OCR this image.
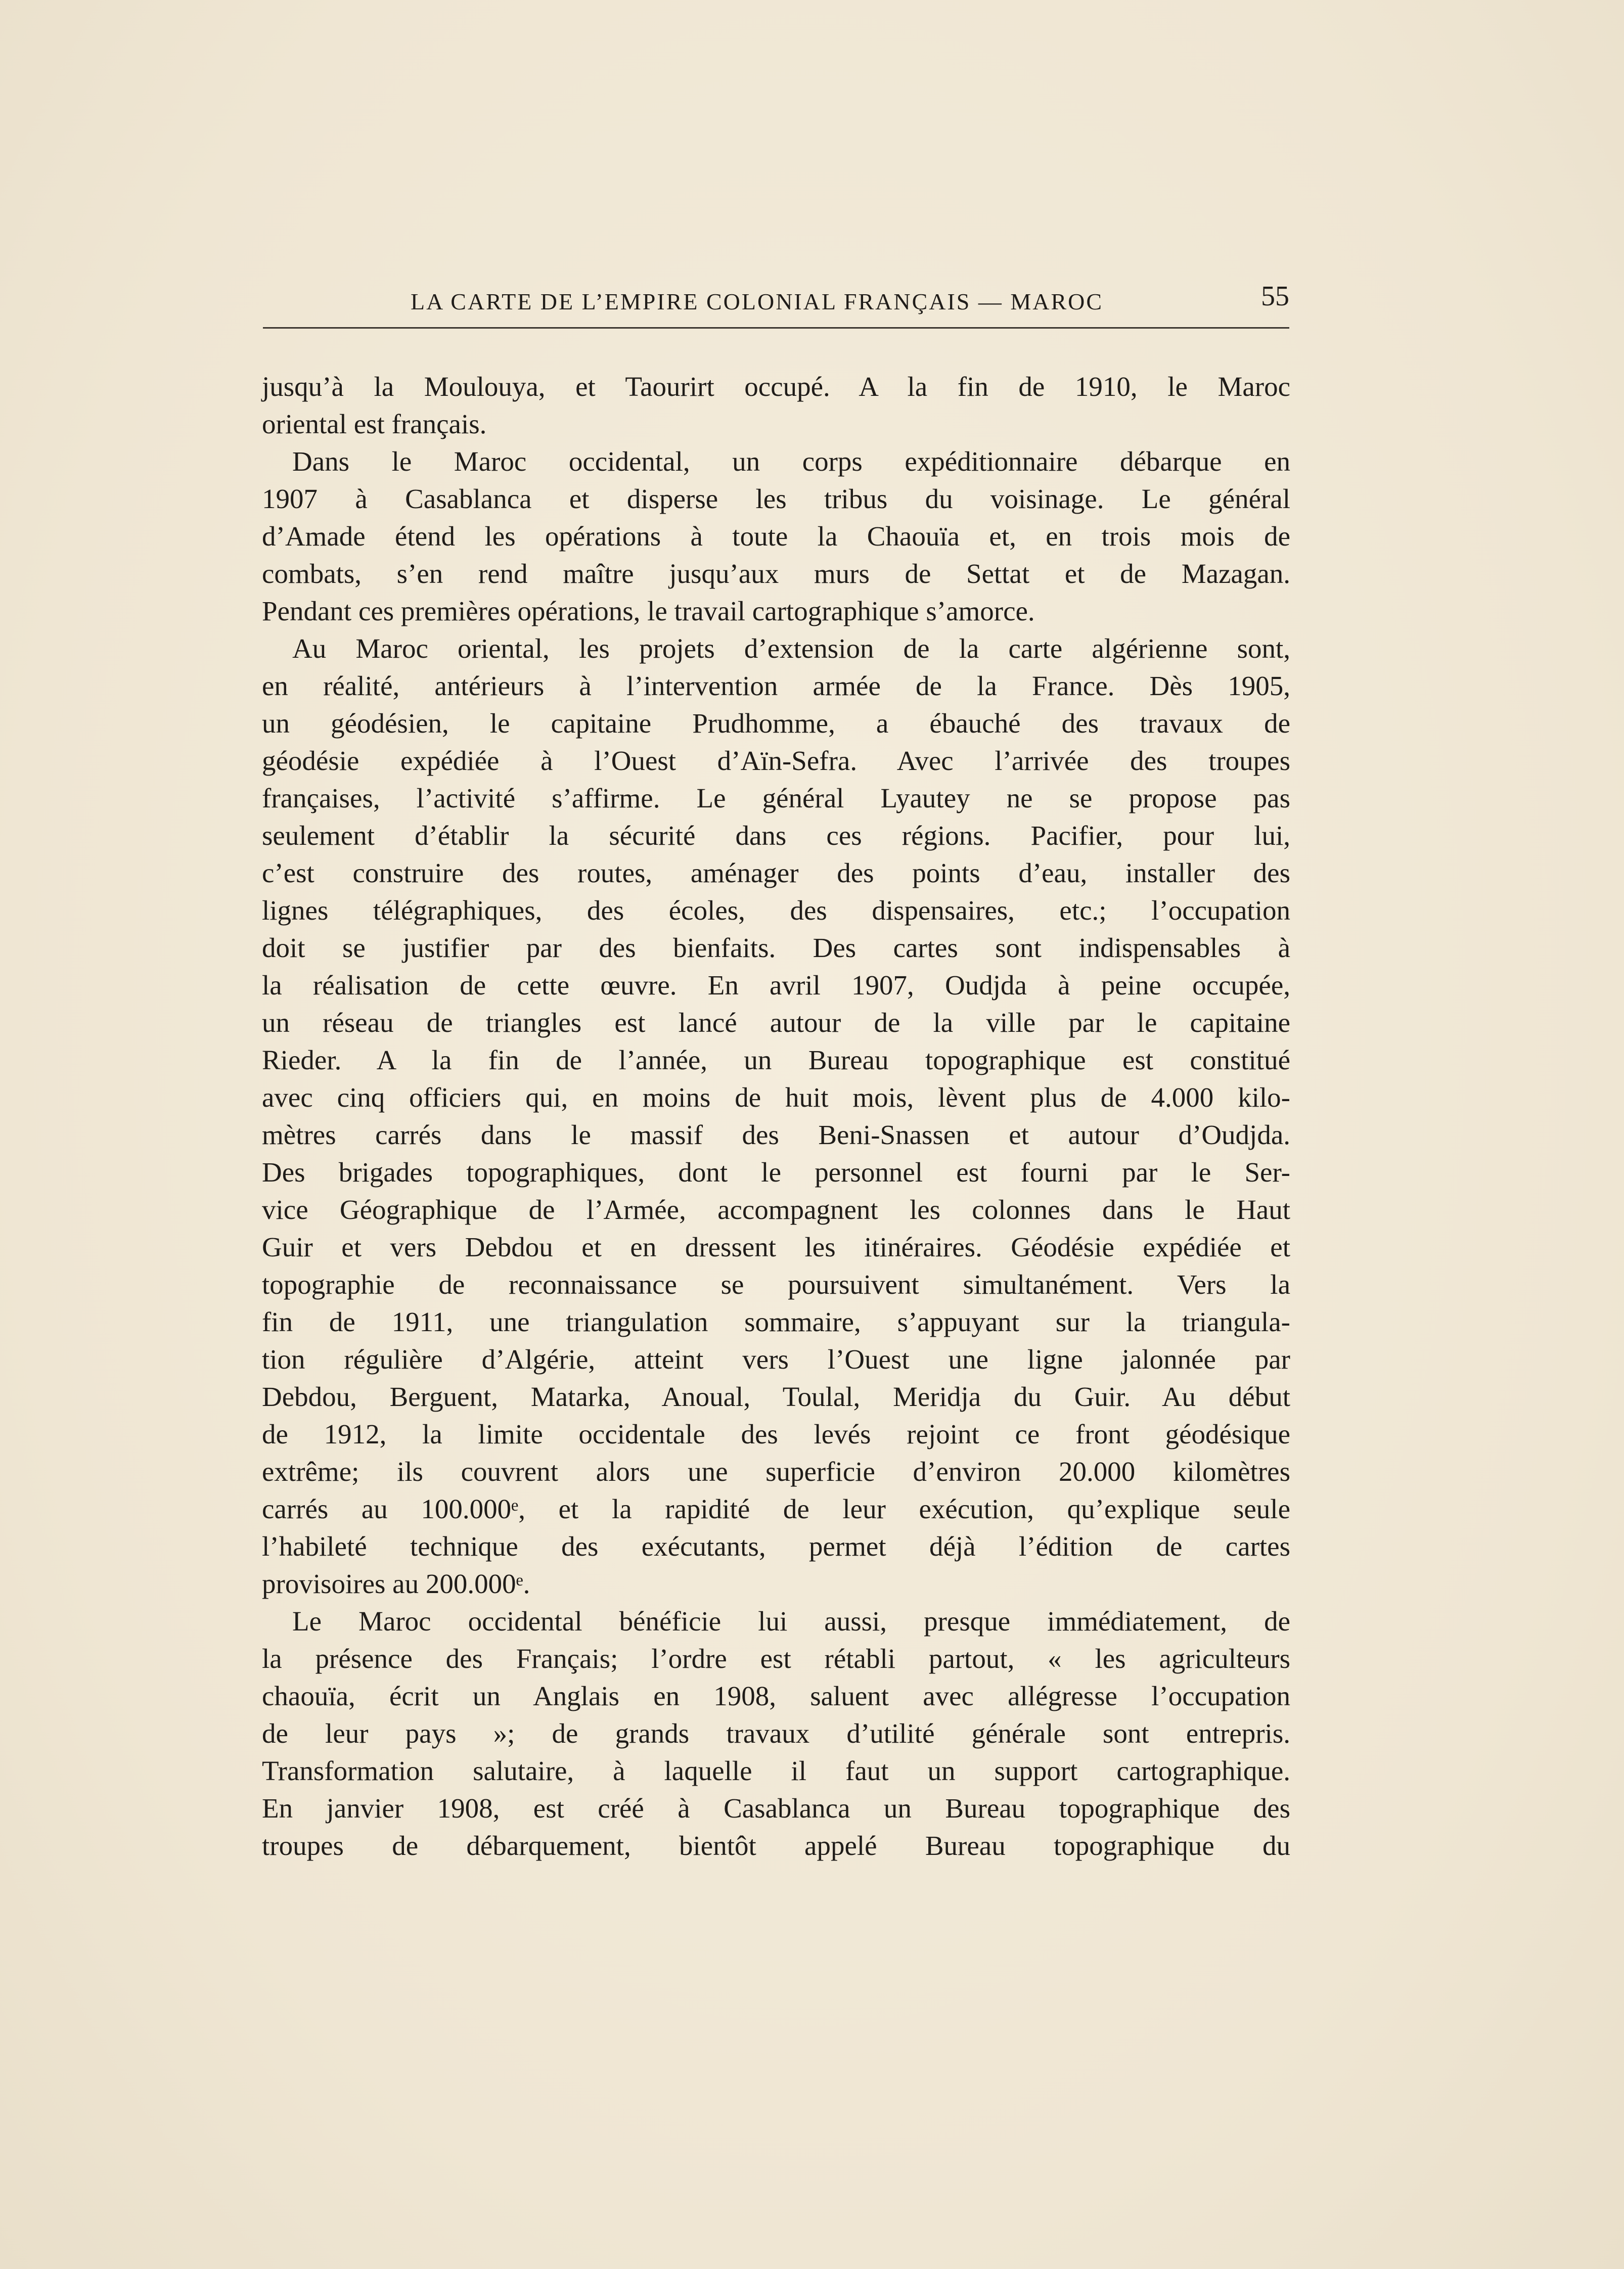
LA CARTE DE L’EMPIRE COLONIAL FRANÇAIS — MAROC	55
jusqu’à la Moulouya, et Taourirt occupé. A la fin de 1910, le Maroc
oriental est français.
Dans le Maroc occidental, un corps expéditionnaire débarque en
1907 à Casablanca et disperse les tribus du voisinage. Le général
d’Amade étend les opérations à toute la Chaouïa et, en trois mois de
combats, s’en rend maître jusqu’aux murs de Settat et de Mazagan.
Pendant ces premières opérations, le travail cartographique s’amorce.
Au Maroc oriental, les projets d’extension de la carte algérienne sont,
en réalité, antérieurs à l’intervention armée de la France. Dès 1905,
un géodésien, le capitaine Prudhomme, a ébauché des travaux de
géodésie expédiée à l’Ouest d’Aïn-Sefra. Avec l’arrivée des troupes
françaises, l’activité s’affirme. Le général Lyautey ne se propose pas
seulement d’établir la sécurité dans ces régions. Pacifier, pour lui,
c’est construire des routes, aménager des points d’eau, installer des
lignes télégraphiques, des écoles, des dispensaires, etc.; l’occupation
doit se justifier par des bienfaits. Des cartes sont indispensables à
la réalisation de cette œuvre. En avril 1907, Oudjda à peine occupée,
un réseau de triangles est lancé autour de la ville par le capitaine
Rieder. A la fin de l’année, un Bureau topographique est constitué
avec cinq officiers qui, en moins de huit mois, lèvent plus de 4.000 kilo-
mètres carrés dans le massif des Beni-Snassen et autour d’Oudjda.
Des brigades topographiques, dont le personnel est fourni par le Ser-
vice Géographique de l’Armée, accompagnent les colonnes dans le Haut
Guir et vers Debdou et en dressent les itinéraires. Géodésie expédiée et
topographie de reconnaissance se poursuivent simultanément. Vers la
fin de 1911, une triangulation sommaire, s’appuyant sur la triangula-
tion régulière d’Algérie, atteint vers l’Ouest une ligne jalonnée par
Debdou, Berguent, Matarka, Anoual, Toulal, Meridja du Guir. Au début
de 1912, la limite occidentale des levés rejoint ce front géodésique
extrême; ils couvrent alors une superficie d’environ 20.000 kilomètres
carrés au 100.000ᵉ, et la rapidité de leur exécution, qu’explique seule
l’habileté technique des exécutants, permet déjà l’édition de cartes
provisoires au 200.000ᵉ.
Le Maroc occidental bénéficie lui aussi, presque immédiatement, de
la présence des Français; l’ordre est rétabli partout, « les agriculteurs
chaouïa, écrit un Anglais en 1908, saluent avec allégresse l’occupation
de leur pays »; de grands travaux d’utilité générale sont entrepris.
Transformation salutaire, à laquelle il faut un support cartographique.
En janvier 1908, est créé à Casablanca un Bureau topographique des
troupes de débarquement, bientôt appelé Bureau topographique du
